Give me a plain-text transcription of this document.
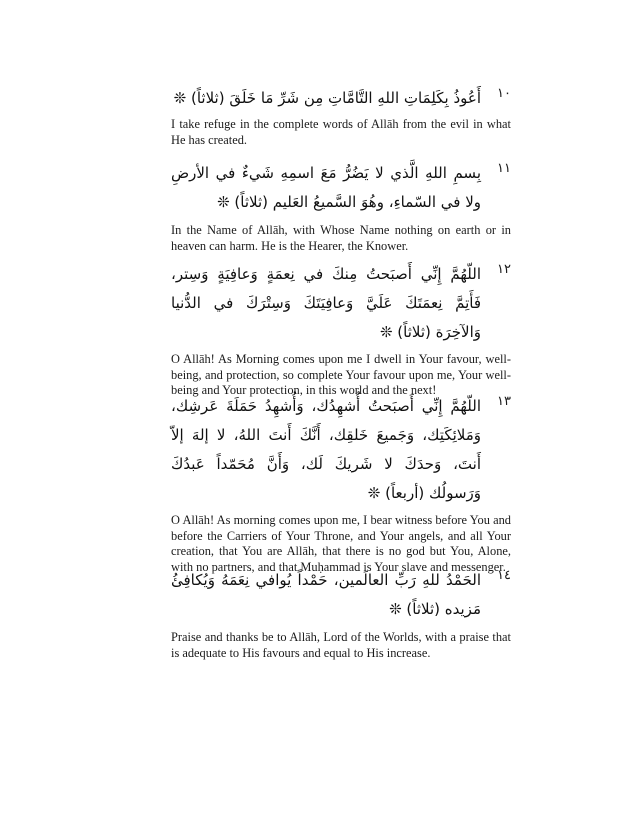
١٠
أَعُوذُ بِكَلِمَاتِ اللهِ التَّامَّاتِ مِن شَرِّ مَا خَلَقَ (ثلاثاً) ❊
I take refuge in the complete words of Allāh from the evil in what He has created.
١١
بِسمِ اللهِ الَّذي لا يَضُرُّ مَعَ اسمِهِ شَيءٌ في الأرضِ ولا في السّماءِ، وهُوَ السَّميعُ العَليم (ثلاثاً) ❊
In the Name of Allāh, with Whose Name nothing on earth or in heaven can harm. He is the Hearer, the Knower.
١٢
اللّهُمَّ إِنِّي أَصبَحتُ مِنكَ في نِعمَةٍ وَعافِيَةٍ وَسِتر، فَأَتِمَّ نِعمَتَكَ عَلَيَّ وَعافِيَتَكَ وَسِتْرَكَ في الدُّنيا وَالآخِرَة (ثلاثاً) ❊
O Allāh! As Morning comes upon me I dwell in Your favour, well-being, and protection, so complete Your favour upon me, Your well-being and Your protection, in this world and the next!
١٣
اللّهُمَّ إِنِّي أَصبَحتُ أُشهِدُك، وَأُشهِدُ حَمَلَةَ عَرشِك، وَمَلائِكَتِك، وَجَميعَ خَلقِك، أَنَّكَ أَنتَ اللهُ، لا إلهَ إلاّ أَنتَ، وَحدَكَ لا شَريكَ لَك، وَأَنَّ مُحَمّداً عَبدُكَ وَرَسولُك (أربعاً) ❊
O Allāh! As morning comes upon me, I bear witness before You and before the Carriers of Your Throne, and Your angels, and all Your creation, that You are Allāh, that there is no god but You, Alone, with no partners, and that Muḥammad is Your slave and messenger.
١٤
الحَمْدُ للهِ رَبِّ العالَمين، حَمْداً يُوافي نِعَمَهُ وَيُكافِئُ مَزيده (ثلاثاً) ❊
Praise and thanks be to Allāh, Lord of the Worlds, with a praise that is adequate to His favours and equal to His increase.
